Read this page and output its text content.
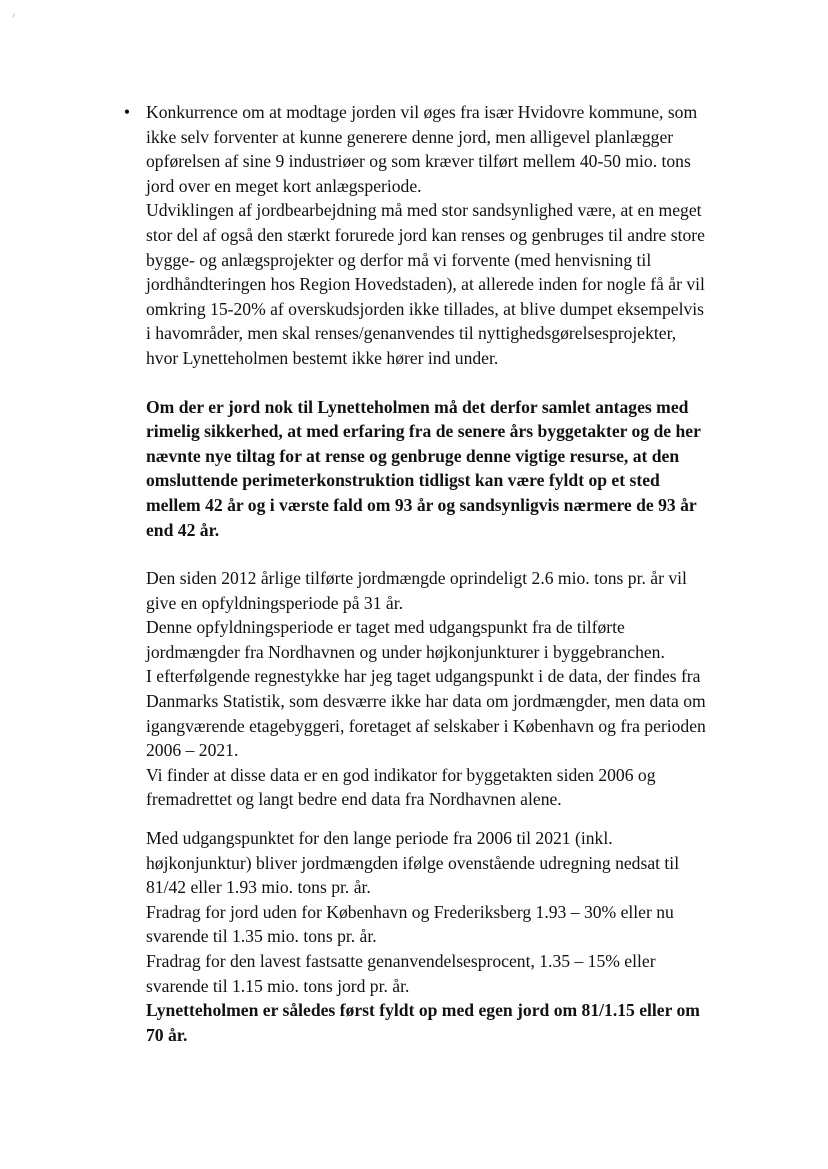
• Konkurrence om at modtage jorden vil øges fra især Hvidovre kommune, som
ikke selv forventer at kunne generere denne jord, men alligevel planlægger
opførelsen af sine 9 industriøer og som kræver tilført mellem 40-50 mio. tons
jord over en meget kort anlægsperiode.
Udviklingen af jordbearbejdning må med stor sandsynlighed være, at en meget
stor del af også den stærkt forurede jord kan renses og genbruges til andre store
bygge- og anlægsprojekter og derfor må vi forvente (med henvisning til
jordhåndteringen hos Region Hovedstaden), at allerede inden for nogle få år vil
omkring 15-20% af overskudsjorden ikke tillades, at blive dumpet eksempelvis
i havområder, men skal renses/genanvendes til nyttighedsgørelsesprojekter,
hvor Lynetteholmen bestemt ikke hører ind under.
Om der er jord nok til Lynetteholmen må det derfor samlet antages med
rimelig sikkerhed, at med erfaring fra de senere års byggetakter og de her
nævnte nye tiltag for at rense og genbruge denne vigtige resurse, at den
omsluttende perimeterkonstruktion tidligst kan være fyldt op et sted
mellem 42 år og i værste fald om 93 år og sandsynligvis nærmere de 93 år
end 42 år.
Den siden 2012 årlige tilførte jordmængde oprindeligt 2.6 mio. tons pr. år vil
give en opfyldningsperiode på 31 år.
Denne opfyldningsperiode er taget med udgangspunkt fra de tilførte
jordmængder fra Nordhavnen og under højkonjunkturer i byggebranchen.
I efterfølgende regnestykke har jeg taget udgangspunkt i de data, der findes fra
Danmarks Statistik, som desværre ikke har data om jordmængder, men data om
igangværende etagebyggeri, foretaget af selskaber i København og fra perioden
2006 – 2021.
Vi finder at disse data er en god indikator for byggetakten siden 2006 og
fremadrettet og langt bedre end data fra Nordhavnen alene.
Med udgangspunktet for den lange periode fra 2006 til 2021 (inkl.
højkonjunktur) bliver jordmængden ifølge ovenstående udregning nedsat til
81/42 eller 1.93 mio. tons pr. år.
Fradrag for jord uden for København og Frederiksberg 1.93 – 30% eller nu
svarende til 1.35 mio. tons pr. år.
Fradrag for den lavest fastsatte genanvendelsesprocent, 1.35 – 15% eller
svarende til 1.15 mio. tons jord pr. år.
Lynetteholmen er således først fyldt op med egen jord om 81/1.15 eller om
70 år.
